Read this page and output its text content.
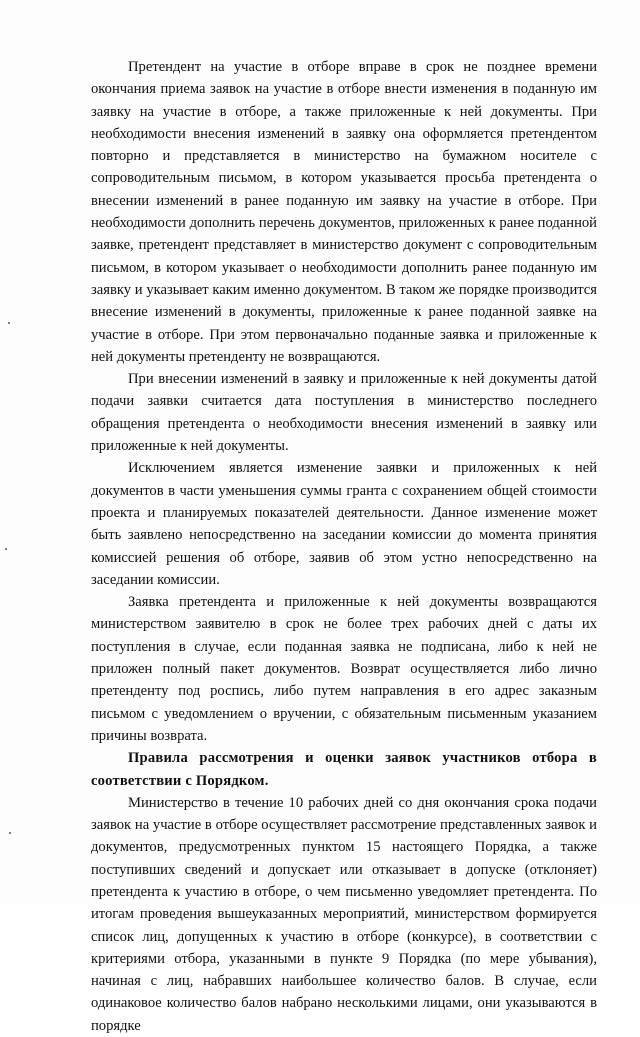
Претендент на участие в отборе вправе в срок не позднее времени окончания приема заявок на участие в отборе внести изменения в поданную им заявку на участие в отборе, а также приложенные к ней документы. При необходимости внесения изменений в заявку она оформляется претендентом повторно и представляется в министерство на бумажном носителе с сопроводительным письмом, в котором указывается просьба претендента о внесении изменений в ранее поданную им заявку на участие в отборе. При необходимости дополнить перечень документов, приложенных к ранее поданной заявке, претендент представляет в министерство документ с сопроводительным письмом, в котором указывает о необходимости дополнить ранее поданную им заявку и указывает каким именно документом. В таком же порядке производится внесение изменений в документы, приложенные к ранее поданной заявке на участие в отборе. При этом первоначально поданные заявка и приложенные к ней документы претенденту не возвращаются.

При внесении изменений в заявку и приложенные к ней документы датой подачи заявки считается дата поступления в министерство последнего обращения претендента о необходимости внесения изменений в заявку или приложенные к ней документы.

Исключением является изменение заявки и приложенных к ней документов в части уменьшения суммы гранта с сохранением общей стоимости проекта и планируемых показателей деятельности. Данное изменение может быть заявлено непосредственно на заседании комиссии до момента принятия комиссией решения об отборе, заявив об этом устно непосредственно на заседании комиссии.

Заявка претендента и приложенные к ней документы возвращаются министерством заявителю в срок не более трех рабочих дней с даты их поступления в случае, если поданная заявка не подписана, либо к ней не приложен полный пакет документов. Возврат осуществляется либо лично претенденту под роспись, либо путем направления в его адрес заказным письмом с уведомлением о вручении, с обязательным письменным указанием причины возврата.

Правила рассмотрения и оценки заявок участников отбора в соответствии с Порядком.

Министерство в течение 10 рабочих дней со дня окончания срока подачи заявок на участие в отборе осуществляет рассмотрение представленных заявок и документов, предусмотренных пунктом 15 настоящего Порядка, а также поступивших сведений и допускает или отказывает в допуске (отклоняет) претендента к участию в отборе, о чем письменно уведомляет претендента. По итогам проведения вышеуказанных мероприятий, министерством формируется список лиц, допущенных к участию в отборе (конкурсе), в соответствии с критериями отбора, указанными в пункте 9 Порядка (по мере убывания), начиная с лиц, набравших наибольшее количество балов. В случае, если одинаковое количество балов набрано несколькими лицами, они указываются в порядке
